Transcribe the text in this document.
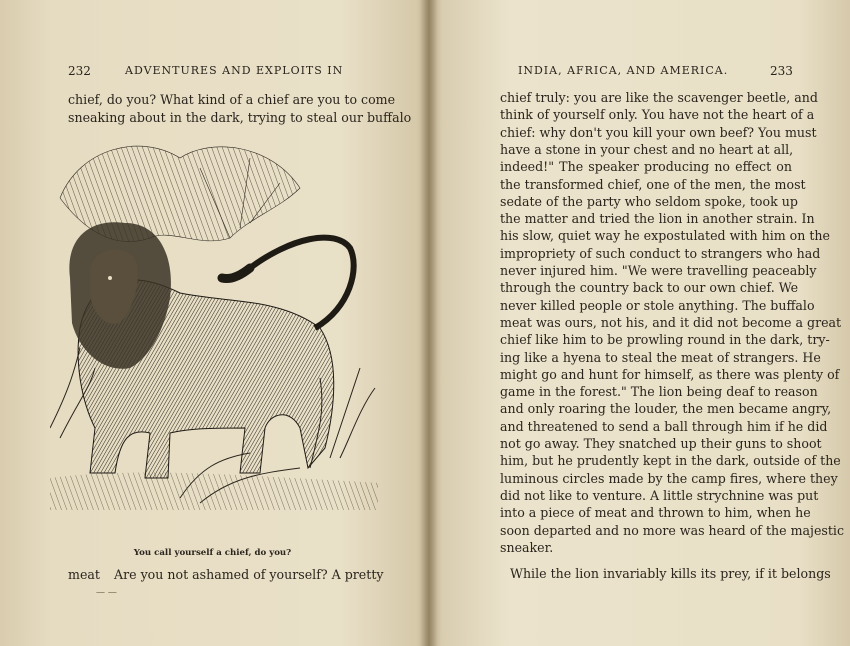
232	ADVENTURES AND EXPLOITS IN
chief, do you? What kind of a chief are you to come
sneaking about in the dark, trying to steal our buffalo
You call yourself a chief, do you?
meat Are you not ashamed of yourself? A pretty
— —
INDIA, AFRICA, AND AMERICA.	233
chief truly: you are like the scavenger beetle, and
think of yourself only. You have not the heart of a
chief: why don't you kill your own beef? You must
have a stone in your chest and no heart at all,
indeed!" The speaker producing no effect on
the transformed chief, one of the men, the most
sedate of the party who seldom spoke, took up
the matter and tried the lion in another strain. In
his slow, quiet way he expostulated with him on the
impropriety of such conduct to strangers who had
never injured him. "We were travelling peaceably
through the country back to our own chief. We
never killed people or stole anything. The buffalo
meat was ours, not his, and it did not become a great
chief like him to be prowling round in the dark, try-
ing like a hyena to steal the meat of strangers. He
might go and hunt for himself, as there was plenty of
game in the forest." The lion being deaf to reason
and only roaring the louder, the men became angry,
and threatened to send a ball through him if he did
not go away. They snatched up their guns to shoot
him, but he prudently kept in the dark, outside of the
luminous circles made by the camp fires, where they
did not like to venture. A little strychnine was put
into a piece of meat and thrown to him, when he
soon departed and no more was heard of the majestic
sneaker.
While the lion invariably kills its prey, if it belongs
